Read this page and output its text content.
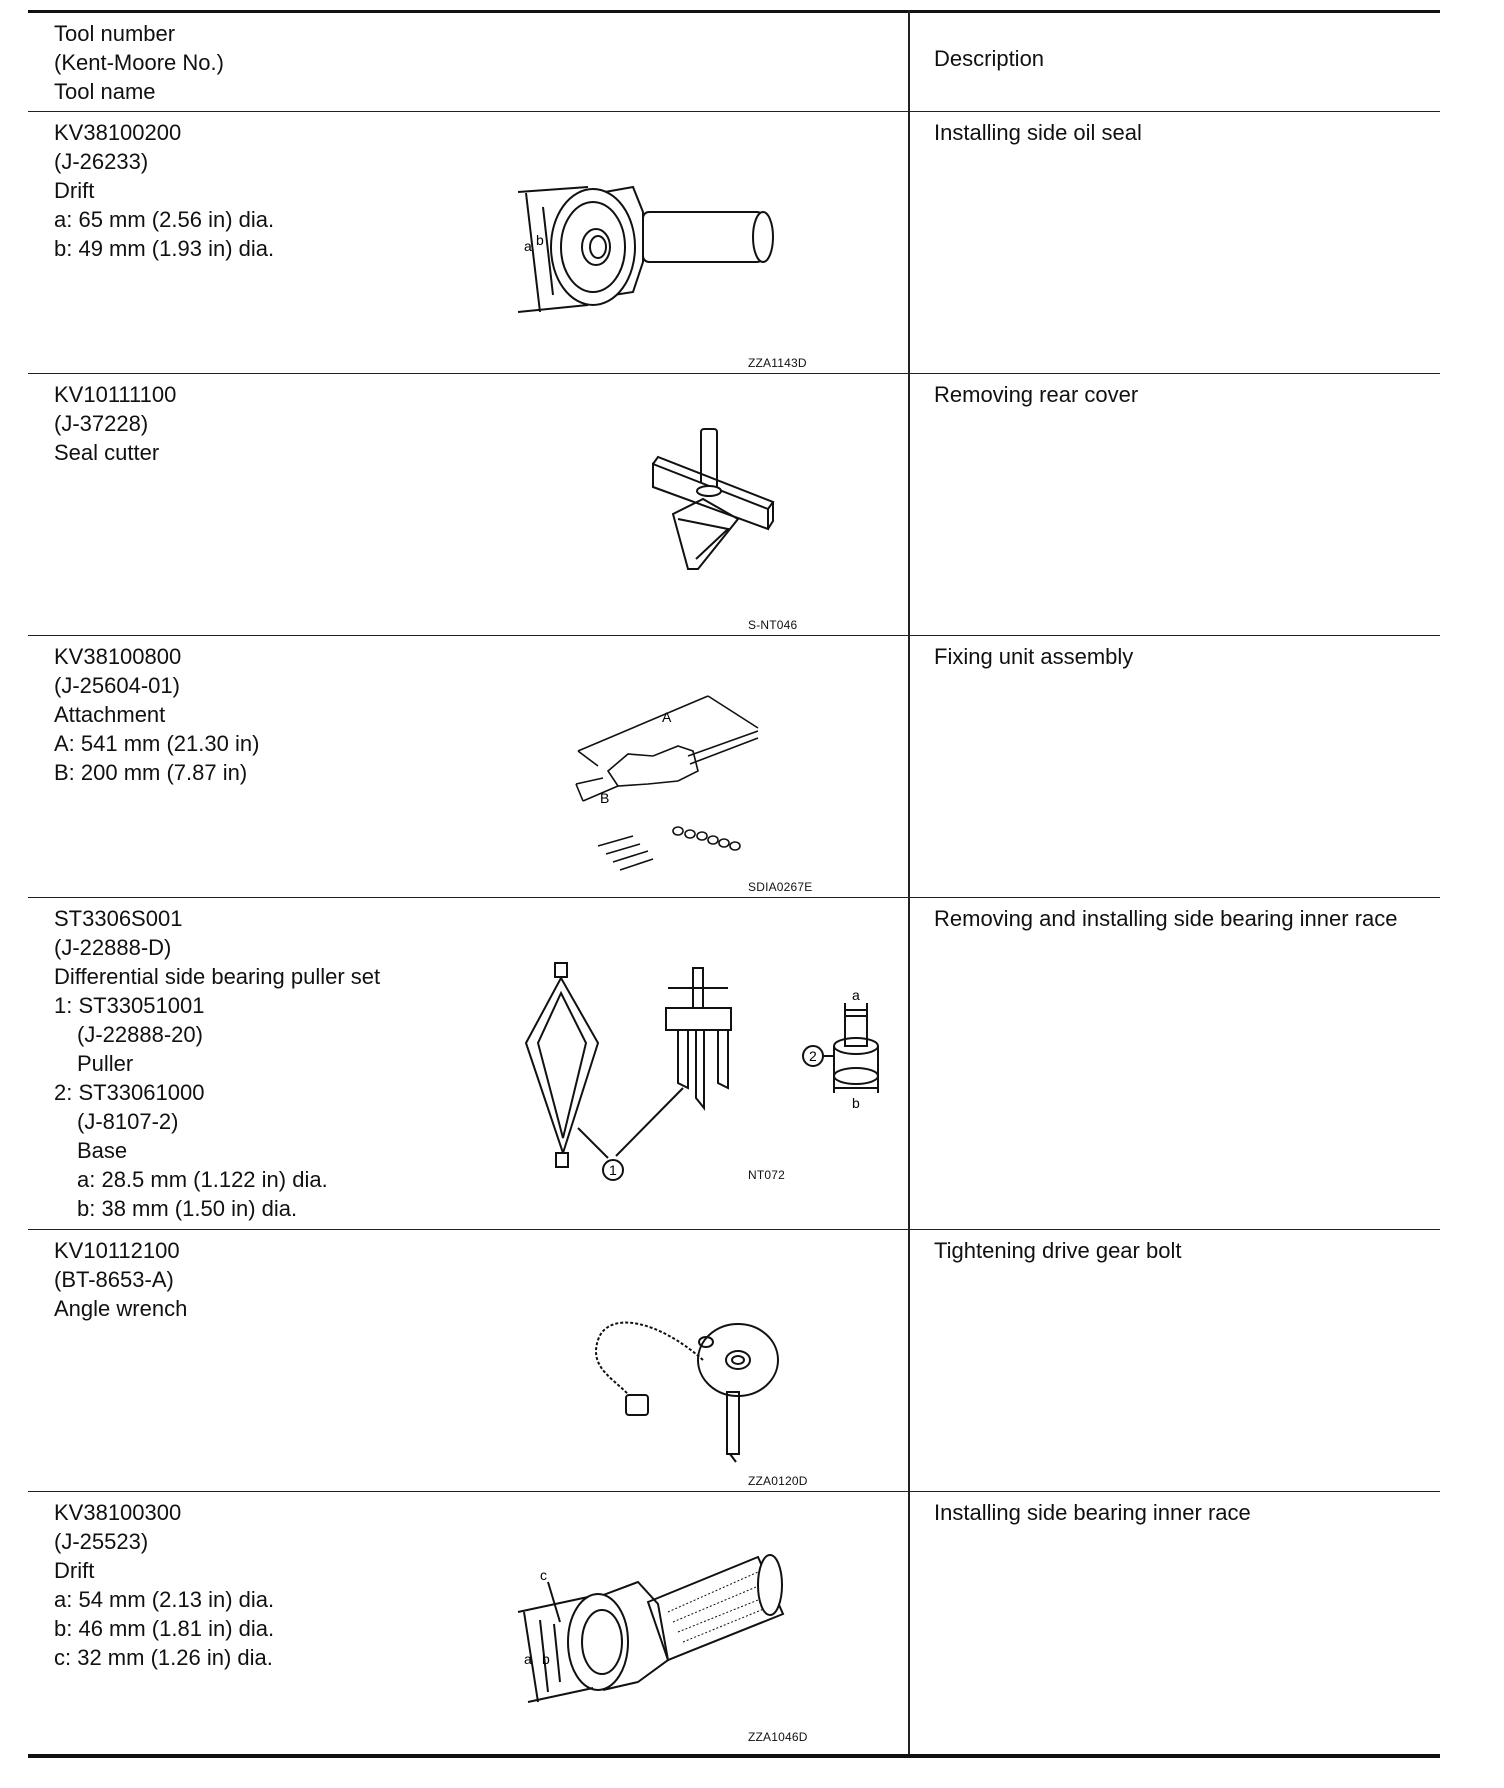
Tool number
(Kent-Moore No.)
Tool name
Description
KV38100200
(J-26233)
Drift
a: 65 mm (2.56 in) dia.
b: 49 mm (1.93 in) dia.
Installing side oil seal
a b
ZZA1143D
KV10111100
(J-37228)
Seal cutter
Removing rear cover
S-NT046
KV38100800
(J-25604-01)
Attachment
A: 541 mm (21.30 in)
B: 200 mm (7.87 in)
Fixing unit assembly
A
B
SDIA0267E
ST3306S001
(J-22888-D)
Differential side bearing puller set
1: ST33051001
(J-22888-20)
Puller
2: ST33061000
(J-8107-2)
Base
a: 28.5 mm (1.122 in) dia.
b: 38 mm (1.50 in) dia.
Removing and installing side bearing inner race
1
2
a
b
NT072
KV10112100
(BT-8653-A)
Angle wrench
Tightening drive gear bolt
ZZA0120D
KV38100300
(J-25523)
Drift
a: 54 mm (2.13 in) dia.
b: 46 mm (1.81 in) dia.
c: 32 mm (1.26 in) dia.
Installing side bearing inner race
a b
c
ZZA1046D
